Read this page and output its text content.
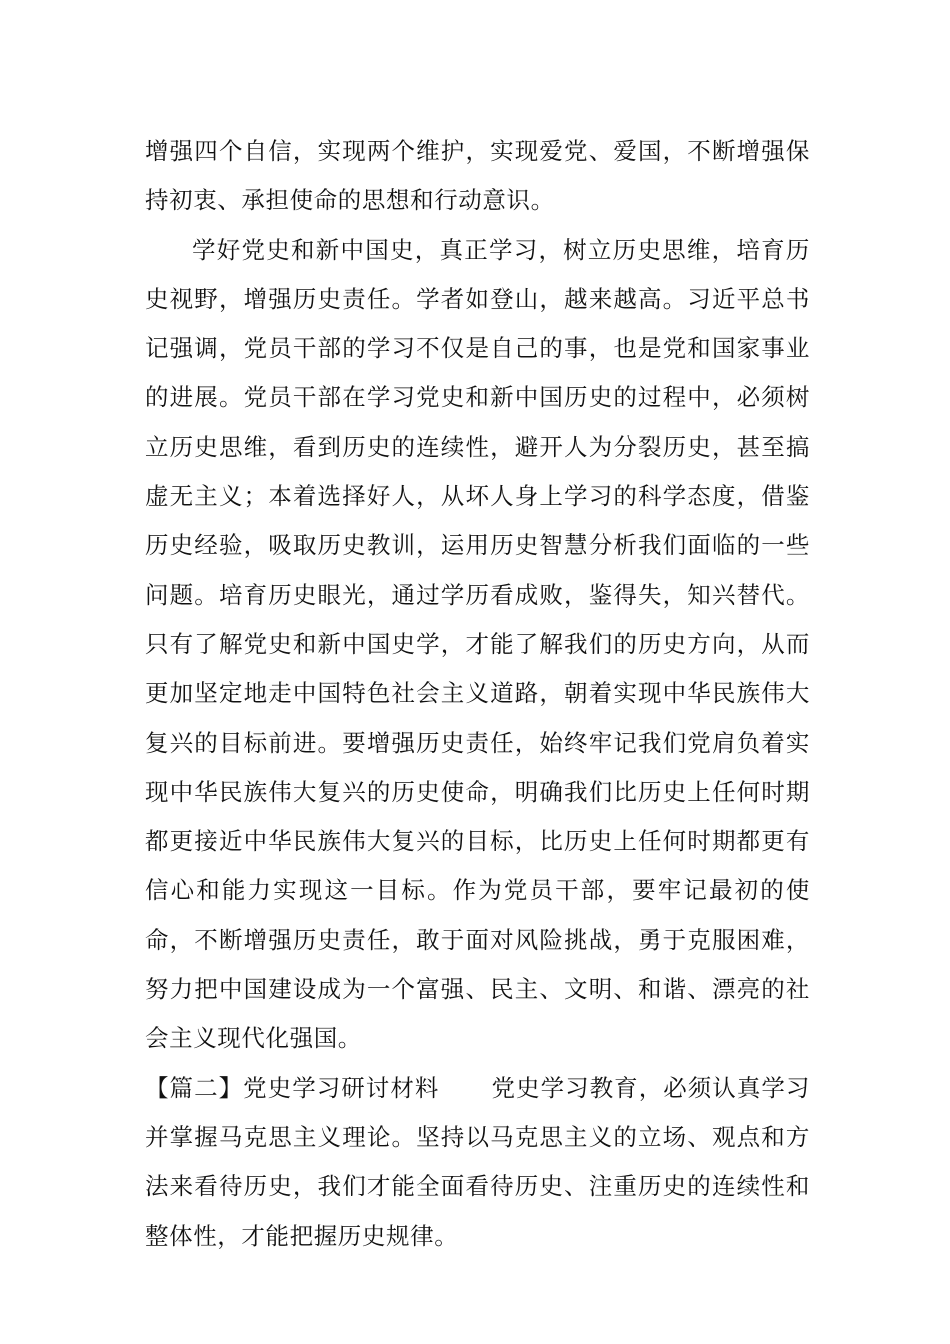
增强四个自信，实现两个维护，实现爱党、爱国，不断增强保持初衷、承担使命的思想和行动意识。

学好党史和新中国史，真正学习，树立历史思维，培育历史视野，增强历史责任。学者如登山，越来越高。习近平总书记强调，党员干部的学习不仅是自己的事，也是党和国家事业的进展。党员干部在学习党史和新中国历史的过程中，必须树立历史思维，看到历史的连续性，避开人为分裂历史，甚至搞虚无主义；本着选择好人，从坏人身上学习的科学态度，借鉴历史经验，吸取历史教训，运用历史智慧分析我们面临的一些问题。培育历史眼光，通过学历看成败，鉴得失，知兴替代。只有了解党史和新中国史学，才能了解我们的历史方向，从而更加坚定地走中国特色社会主义道路，朝着实现中华民族伟大复兴的目标前进。要增强历史责任，始终牢记我们党肩负着实现中华民族伟大复兴的历史使命，明确我们比历史上任何时期都更接近中华民族伟大复兴的目标，比历史上任何时期都更有信心和能力实现这一目标。作为党员干部，要牢记最初的使命，不断增强历史责任，敢于面对风险挑战，勇于克服困难，努力把中国建设成为一个富强、民主、文明、和谐、漂亮的社会主义现代化强国。

【篇二】党史学习研讨材料 党史学习教育，必须认真学习并掌握马克思主义理论。坚持以马克思主义的立场、观点和方法来看待历史，我们才能全面看待历史、注重历史的连续性和整体性，才能把握历史规律。
